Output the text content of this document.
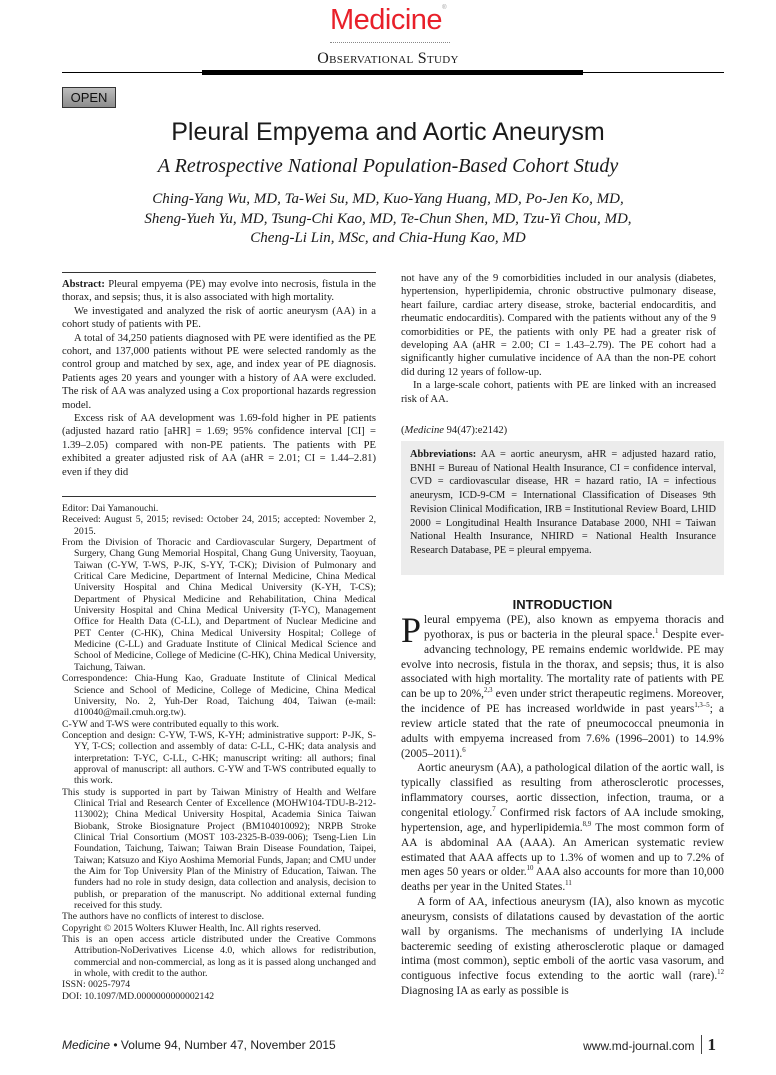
Medicine®
Observational Study
OPEN
Pleural Empyema and Aortic Aneurysm
A Retrospective National Population-Based Cohort Study
Ching-Yang Wu, MD, Ta-Wei Su, MD, Kuo-Yang Huang, MD, Po-Jen Ko, MD,
Sheng-Yueh Yu, MD, Tsung-Chi Kao, MD, Te-Chun Shen, MD, Tzu-Yi Chou, MD,
Cheng-Li Lin, MSc, and Chia-Hung Kao, MD

Abstract: Pleural empyema (PE) may evolve into necrosis, fistula in the thorax, and sepsis; thus, it is also associated with high mortality.

We investigated and analyzed the risk of aortic aneurysm (AA) in a cohort study of patients with PE.

A total of 34,250 patients diagnosed with PE were identified as the PE cohort, and 137,000 patients without PE were selected randomly as the control group and matched by sex, age, and index year of PE diagnosis. Patients ages 20 years and younger with a history of AA were excluded. The risk of AA was analyzed using a Cox proportional hazards regression model.

Excess risk of AA development was 1.69-fold higher in PE patients (adjusted hazard ratio [aHR] = 1.69; 95% confidence interval [CI] = 1.39–2.05) compared with non-PE patients. The patients with PE exhibited a greater adjusted risk of AA (aHR = 2.01; CI = 1.44–2.81) even if they did

not have any of the 9 comorbidities included in our analysis (diabetes, hypertension, hyperlipidemia, chronic obstructive pulmonary disease, heart failure, cardiac artery disease, stroke, bacterial endocarditis, and rheumatic endocarditis). Compared with the patients without any of the 9 comorbidities or PE, the patients with only PE had a greater risk of developing AA (aHR = 2.00; CI = 1.43–2.79). The PE cohort had a significantly higher cumulative incidence of AA than the non-PE cohort did during 12 years of follow-up.

In a large-scale cohort, patients with PE are linked with an increased risk of AA.

(Medicine 94(47):e2142)
Abbreviations: AA = aortic aneurysm, aHR = adjusted hazard ratio, BNHI = Bureau of National Health Insurance, CI = confidence interval, CVD = cardiovascular disease, HR = hazard ratio, IA = infectious aneurysm, ICD-9-CM = International Classification of Diseases 9th Revision Clinical Modification, IRB = Institutional Review Board, LHID 2000 = Longitudinal Health Insurance Database 2000, NHI = Taiwan National Health Insurance, NHIRD = National Health Insurance Research Database, PE = pleural empyema.
Editor: Dai Yamanouchi.
Received: August 5, 2015; revised: October 24, 2015; accepted: November 2, 2015.
From the Division of Thoracic and Cardiovascular Surgery, Department of Surgery, Chang Gung Memorial Hospital, Chang Gung University, Taoyuan, Taiwan (C-YW, T-WS, P-JK, S-YY, T-CK); Division of Pulmonary and Critical Care Medicine, Department of Internal Medicine, China Medical University Hospital and China Medical University (K-YH, T-CS); Department of Physical Medicine and Rehabilitation, China Medical University Hospital and China Medical University (T-YC), Management Office for Health Data (C-LL), and Department of Nuclear Medicine and PET Center (C-HK), China Medical University Hospital; College of Medicine (C-LL) and Graduate Institute of Clinical Medical Science and School of Medicine, College of Medicine (C-HK), China Medical University, Taichung, Taiwan.
Correspondence: Chia-Hung Kao, Graduate Institute of Clinical Medical Science and School of Medicine, College of Medicine, China Medical University, No. 2, Yuh-Der Road, Taichung 404, Taiwan (e-mail: d10040@mail.cmuh.org.tw).
C-YW and T-WS were contributed equally to this work.
Conception and design: C-YW, T-WS, K-YH; administrative support: P-JK, S-YY, T-CS; collection and assembly of data: C-LL, C-HK; data analysis and interpretation: T-YC, C-LL, C-HK; manuscript writing: all authors; final approval of manuscript: all authors. C-YW and T-WS contributed equally to this work.
This study is supported in part by Taiwan Ministry of Health and Welfare Clinical Trial and Research Center of Excellence (MOHW104-TDU-B-212-113002); China Medical University Hospital, Academia Sinica Taiwan Biobank, Stroke Biosignature Project (BM10401009​2); NRPB Stroke Clinical Trial Consortium (MOST 103-2325-B-039-006); Tseng-Lien Lin Foundation, Taichung, Taiwan; Taiwan Brain Disease Foundation, Taipei, Taiwan; Katsuzo and Kiyo Aoshima Memorial Funds, Japan; and CMU under the Aim for Top University Plan of the Ministry of Education, Taiwan. The funders had no role in study design, data collection and analysis, decision to publish, or preparation of the manuscript. No additional external funding received for this study.
The authors have no conflicts of interest to disclose.
Copyright © 2015 Wolters Kluwer Health, Inc. All rights reserved.
This is an open access article distributed under the Creative Commons Attribution-NoDerivatives License 4.0, which allows for redistribution, commercial and non-commercial, as long as it is passed along unchanged and in whole, with credit to the author.
ISSN: 0025-7974
DOI: 10.1097/MD.0000000000002142
INTRODUCTION

Pleural empyema (PE), also known as empyema thoracis and pyothorax, is pus or bacteria in the pleural space.$^1$ Despite ever-advancing technology, PE remains endemic worldwide. PE may evolve into necrosis, fistula in the thorax, and sepsis; thus, it is also associated with high mortality. The mortality rate of patients with PE can be up to 20%,$^{2,3}$ even under strict therapeutic regimens. Moreover, the incidence of PE has increased worldwide in past years$^{1,3-5}$; a review article stated that the rate of pneumococcal pneumonia in adults with empyema increased from 7.6% (1996–2001) to 14.9% (2005–2011).$^6$

Aortic aneurysm (AA), a pathological dilation of the aortic wall, is typically classified as resulting from atherosclerotic processes, inflammatory courses, aortic dissection, infection, trauma, or a congenital etiology.$^7$ Confirmed risk factors of AA include smoking, hypertension, age, and hyperlipidemia.$^{8,9}$ The most common form of AA is abdominal AA (AAA). An American systematic review estimated that AAA affects up to 1.3% of women and up to 7.2% of men ages 50 years or older.$^{10}$ AAA also accounts for more than 10,000 deaths per year in the United States.$^{11}$

A form of AA, infectious aneurysm (IA), also known as mycotic aneurysm, consists of dilatations caused by devastation of the aortic wall by organisms. The mechanisms of underlying IA include bacteremic seeding of existing atherosclerotic plaque or damaged intima (most common), septic emboli of the aortic vasa vasorum, and contiguous infective focus extending to the aortic wall (rare).$^{12}$ Diagnosing IA as early as possible is

Medicine • Volume 94, Number 47, November 2015	www.md-journal.com 1
